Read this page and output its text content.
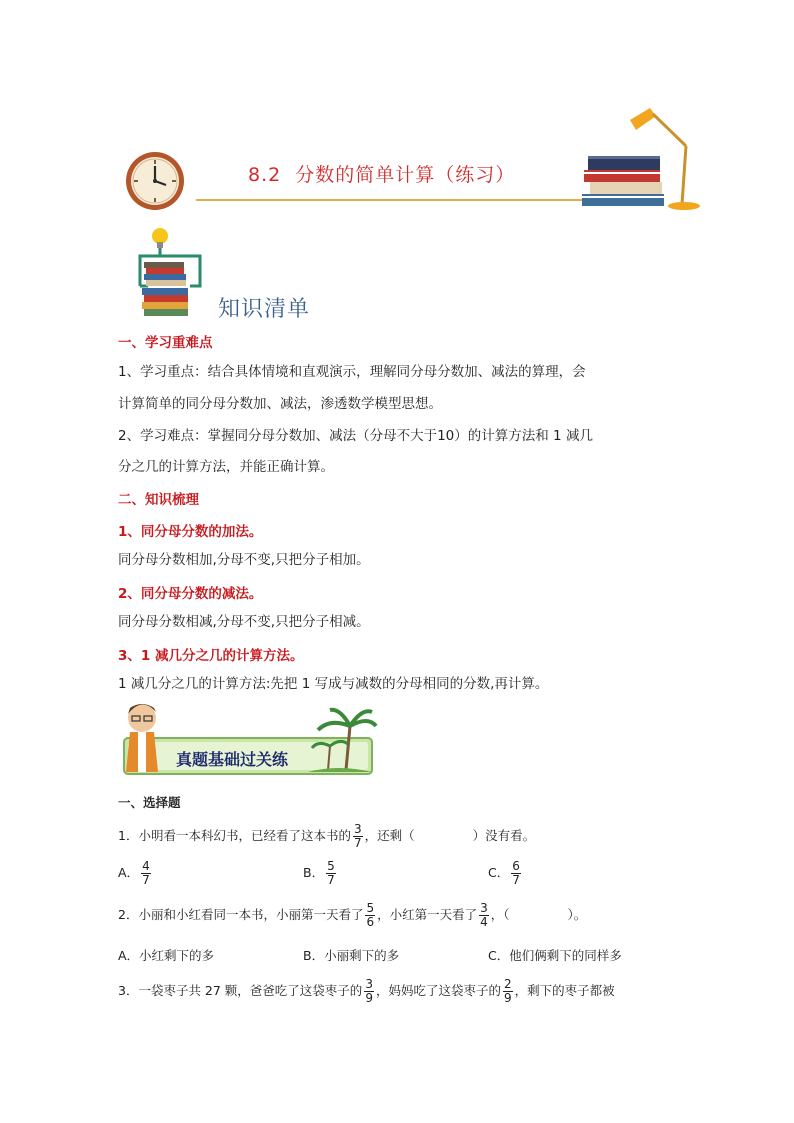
8.2 分数的简单计算（练习）
知识清单
一、学习重难点
1、学习重点：结合具体情境和直观演示，理解同分母分数加、减法的算理，会
计算简单的同分母分数加、减法，渗透数学模型思想。
2、学习难点：掌握同分母分数加、减法（分母不大于10）的计算方法和 1 减几
分之几的计算方法，并能正确计算。
二、知识梳理
1、同分母分数的加法。
同分母分数相加,分母不变,只把分子相加。
2、同分母分数的减法。
同分母分数相减,分母不变,只把分子相减。
3、1 减几分之几的计算方法。
1 减几分之几的计算方法:先把 1 写成与减数的分母相同的分数,再计算。
真题基础过关练
一、选择题
1．小明看一本科幻书，已经看了这本书的 $\frac{3}{7}$ ，还剩（	）没有看。
A． $\frac{4}{7}$	B． $\frac{5}{7}$	C． $\frac{6}{7}$
2．小丽和小红看同一本书，小丽第一天看了 $\frac{5}{6}$ ，小红第一天看了 $\frac{3}{4}$ ，（	）。
A．小红剩下的多	B．小丽剩下的多	C．他们俩剩下的同样多
3．一袋枣子共 27 颗，爸爸吃了这袋枣子的 $\frac{3}{9}$ ，妈妈吃了这袋枣子的 $\frac{2}{9}$ ，剩下的枣子都被
